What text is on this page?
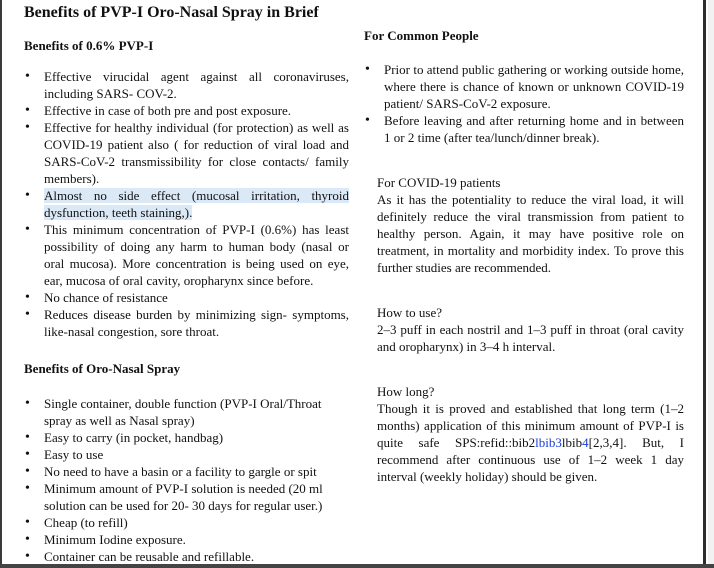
Benefits of PVP-I Oro-Nasal Spray in Brief
Benefits of 0.6% PVP-I
• Effective virucidal agent against all coronaviruses, including SARS- COV-2.
• Effective in case of both pre and post exposure.
• Effective for healthy individual (for protection) as well as COVID-19 patient also ( for reduction of viral load and SARS-CoV-2 transmissibility for close contacts/ family members).
• Almost no side effect (mucosal irritation, thyroid dysfunction, teeth staining,).
• This minimum concentration of PVP-I (0.6%) has least possibility of doing any harm to human body (nasal or oral mucosa). More concentration is being used on eye, ear, mucosa of oral cavity, oropharynx since before.
• No chance of resistance
• Reduces disease burden by minimizing sign- symptoms, like-nasal congestion, sore throat.
Benefits of Oro-Nasal Spray
• Single container, double function (PVP-I Oral/Throat spray as well as Nasal spray)
• Easy to carry (in pocket, handbag)
• Easy to use
• No need to have a basin or a facility to gargle or spit
• Minimum amount of PVP-I solution is needed (20 ml solution can be used for 20- 30 days for regular user.)
• Cheap (to refill)
• Minimum Iodine exposure.
• Container can be reusable and refillable.
For Common People
• Prior to attend public gathering or working outside home, where there is chance of known or unknown COVID-19 patient/ SARS-CoV-2 exposure.
• Before leaving and after returning home and in between 1 or 2 time (after tea/lunch/dinner break).
For COVID-19 patients
As it has the potentiality to reduce the viral load, it will definitely reduce the viral transmission from patient to healthy person. Again, it may have positive role on treatment, in mortality and morbidity index. To prove this further studies are recommended.
How to use?
2–3 puff in each nostril and 1–3 puff in throat (oral cavity and oropharynx) in 3–4 h interval.
How long?
Though it is proved and established that long term (1–2 months) application of this minimum amount of PVP-I is quite safe SPS:refid::bib2lbib3lbib4[2,3,4]. But, I recommend after continuous use of 1–2 week 1 day interval (weekly holiday) should be given.
